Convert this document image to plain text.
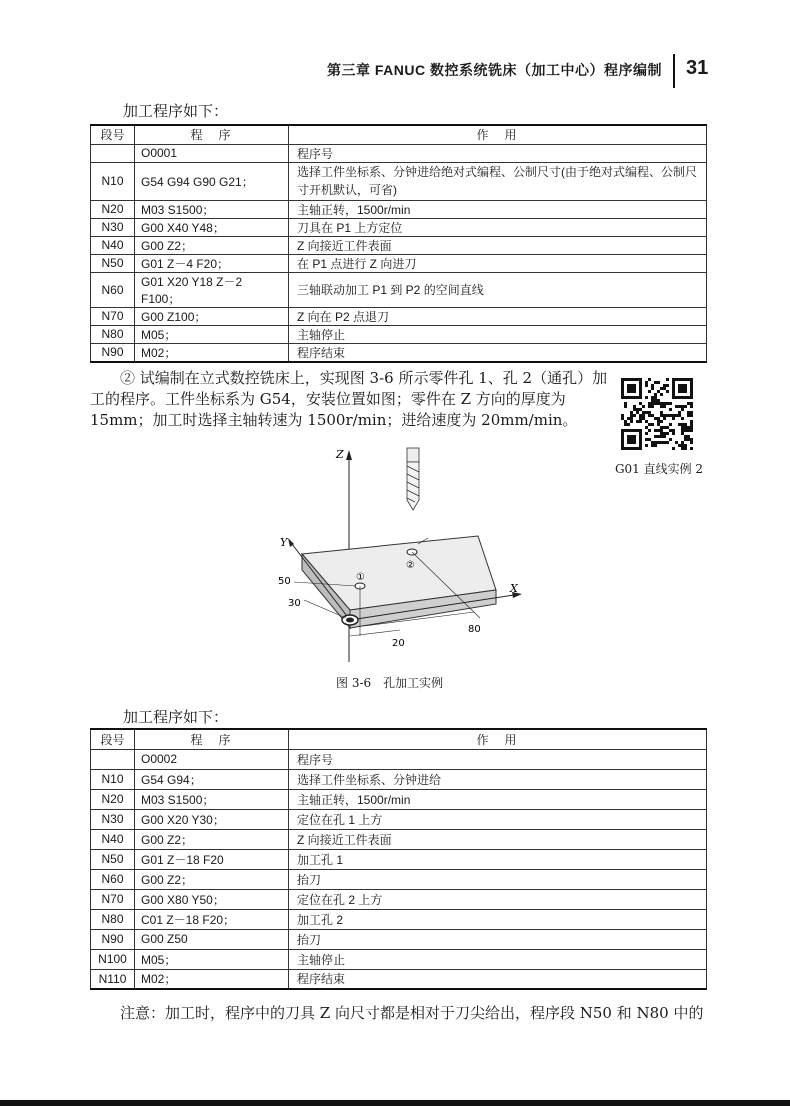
第三章 FANUC 数控系统铣床（加工中心）程序编制 31
加工程序如下：
段号	程　序	作　用
	O0001	程序号
N10	G54 G94 G90 G21；	选择工件坐标系、分钟进给绝对式编程、公制尺寸(由于绝对式编程、公制尺寸开机默认，可省)
N20	M03 S1500；	主轴正转，1500r/min
N30	G00 X40 Y48；	刀具在 P1 上方定位
N40	G00 Z2；	Z 向接近工件表面
N50	G01 Z－4 F20；	在 P1 点进行 Z 向进刀
N60	G01 X20 Y18 Z－2 F100；	三轴联动加工 P1 到 P2 的空间直线
N70	G00 Z100；	Z 向在 P2 点退刀
N80	M05；	主轴停止
N90	M02；	程序结束
② 试编制在立式数控铣床上，实现图 3-6 所示零件孔 1、孔 2（通孔）加工的程序。工件坐标系为 G54，安装位置如图；零件在 Z 方向的厚度为 15mm；加工时选择主轴转速为 1500r/min；进给速度为 20mm/min。
G01 直线实例 2
Z
Y
X
①
②
50
30
20
80
图 3-6　孔加工实例
加工程序如下：
段号	程　序	作　用
	O0002	程序号
N10	G54 G94；	选择工件坐标系、分钟进给
N20	M03 S1500；	主轴正转，1500r/min
N30	G00 X20 Y30；	定位在孔 1 上方
N40	G00 Z2；	Z 向接近工件表面
N50	G01 Z－18 F20	加工孔 1
N60	G00 Z2；	抬刀
N70	G00 X80 Y50；	定位在孔 2 上方
N80	C01 Z－18 F20；	加工孔 2
N90	G00 Z50	抬刀
N100	M05；	主轴停止
N110	M02；	程序结束
注意：加工时，程序中的刀具 Z 向尺寸都是相对于刀尖给出，程序段 N50 和 N80 中的
